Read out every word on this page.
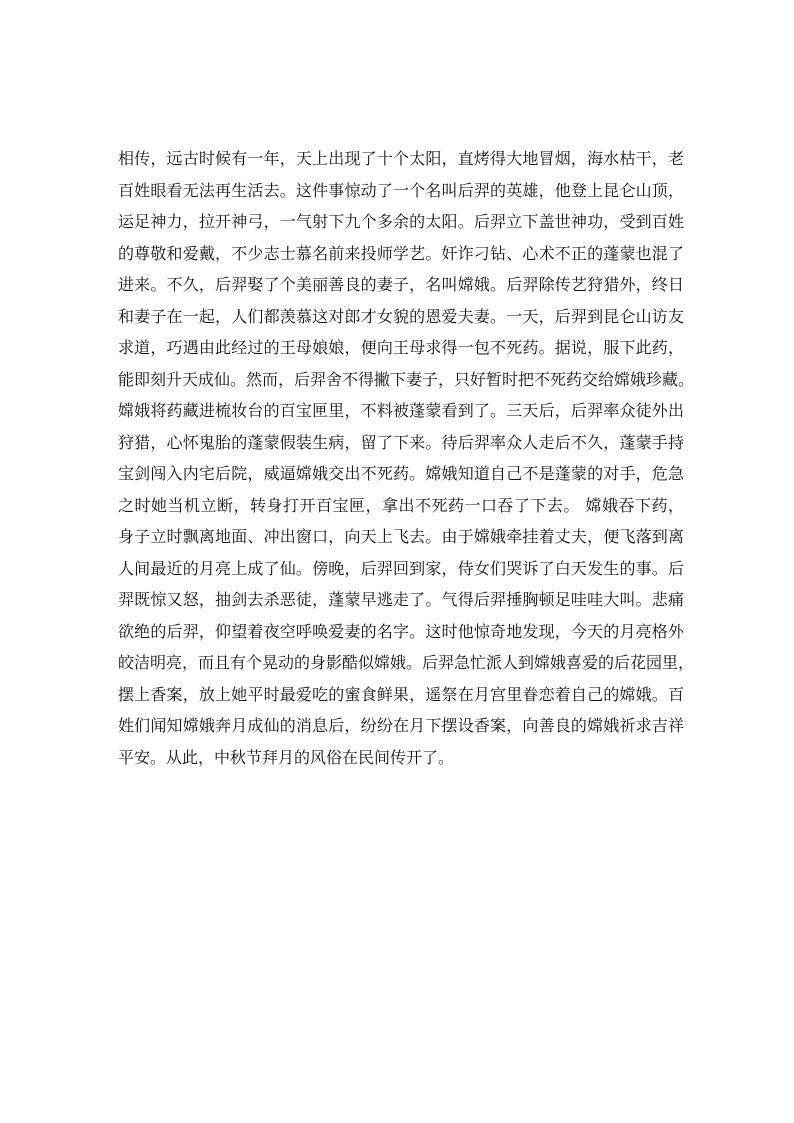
相传，远古时候有一年，天上出现了十个太阳，直烤得大地冒烟，海水枯干，老
百姓眼看无法再生活去。这件事惊动了一个名叫后羿的英雄，他登上昆仑山顶，
运足神力，拉开神弓，一气射下九个多余的太阳。后羿立下盖世神功，受到百姓
的尊敬和爱戴，不少志士慕名前来投师学艺。奸诈刁钻、心术不正的蓬蒙也混了
进来。不久，后羿娶了个美丽善良的妻子，名叫嫦娥。后羿除传艺狩猎外，终日
和妻子在一起，人们都羡慕这对郎才女貌的恩爱夫妻。一天，后羿到昆仑山访友
求道，巧遇由此经过的王母娘娘，便向王母求得一包不死药。据说，服下此药，
能即刻升天成仙。然而，后羿舍不得撇下妻子，只好暂时把不死药交给嫦娥珍藏。
嫦娥将药藏进梳妆台的百宝匣里，不料被蓬蒙看到了。三天后，后羿率众徒外出
狩猎，心怀鬼胎的蓬蒙假装生病，留了下来。待后羿率众人走后不久，蓬蒙手持
宝剑闯入内宅后院，威逼嫦娥交出不死药。嫦娥知道自己不是蓬蒙的对手，危急
之时她当机立断，转身打开百宝匣，拿出不死药一口吞了下去。 嫦娥吞下药，
身子立时飘离地面、冲出窗口，向天上飞去。由于嫦娥牵挂着丈夫，便飞落到离
人间最近的月亮上成了仙。傍晚，后羿回到家，侍女们哭诉了白天发生的事。后
羿既惊又怒，抽剑去杀恶徒，蓬蒙早逃走了。气得后羿捶胸顿足哇哇大叫。悲痛
欲绝的后羿，仰望着夜空呼唤爱妻的名字。这时他惊奇地发现，今天的月亮格外
皎洁明亮，而且有个晃动的身影酷似嫦娥。后羿急忙派人到嫦娥喜爱的后花园里，
摆上香案，放上她平时最爱吃的蜜食鲜果，遥祭在月宫里眷恋着自己的嫦娥。百
姓们闻知嫦娥奔月成仙的消息后，纷纷在月下摆设香案，向善良的嫦娥祈求吉祥
平安。从此，中秋节拜月的风俗在民间传开了。
